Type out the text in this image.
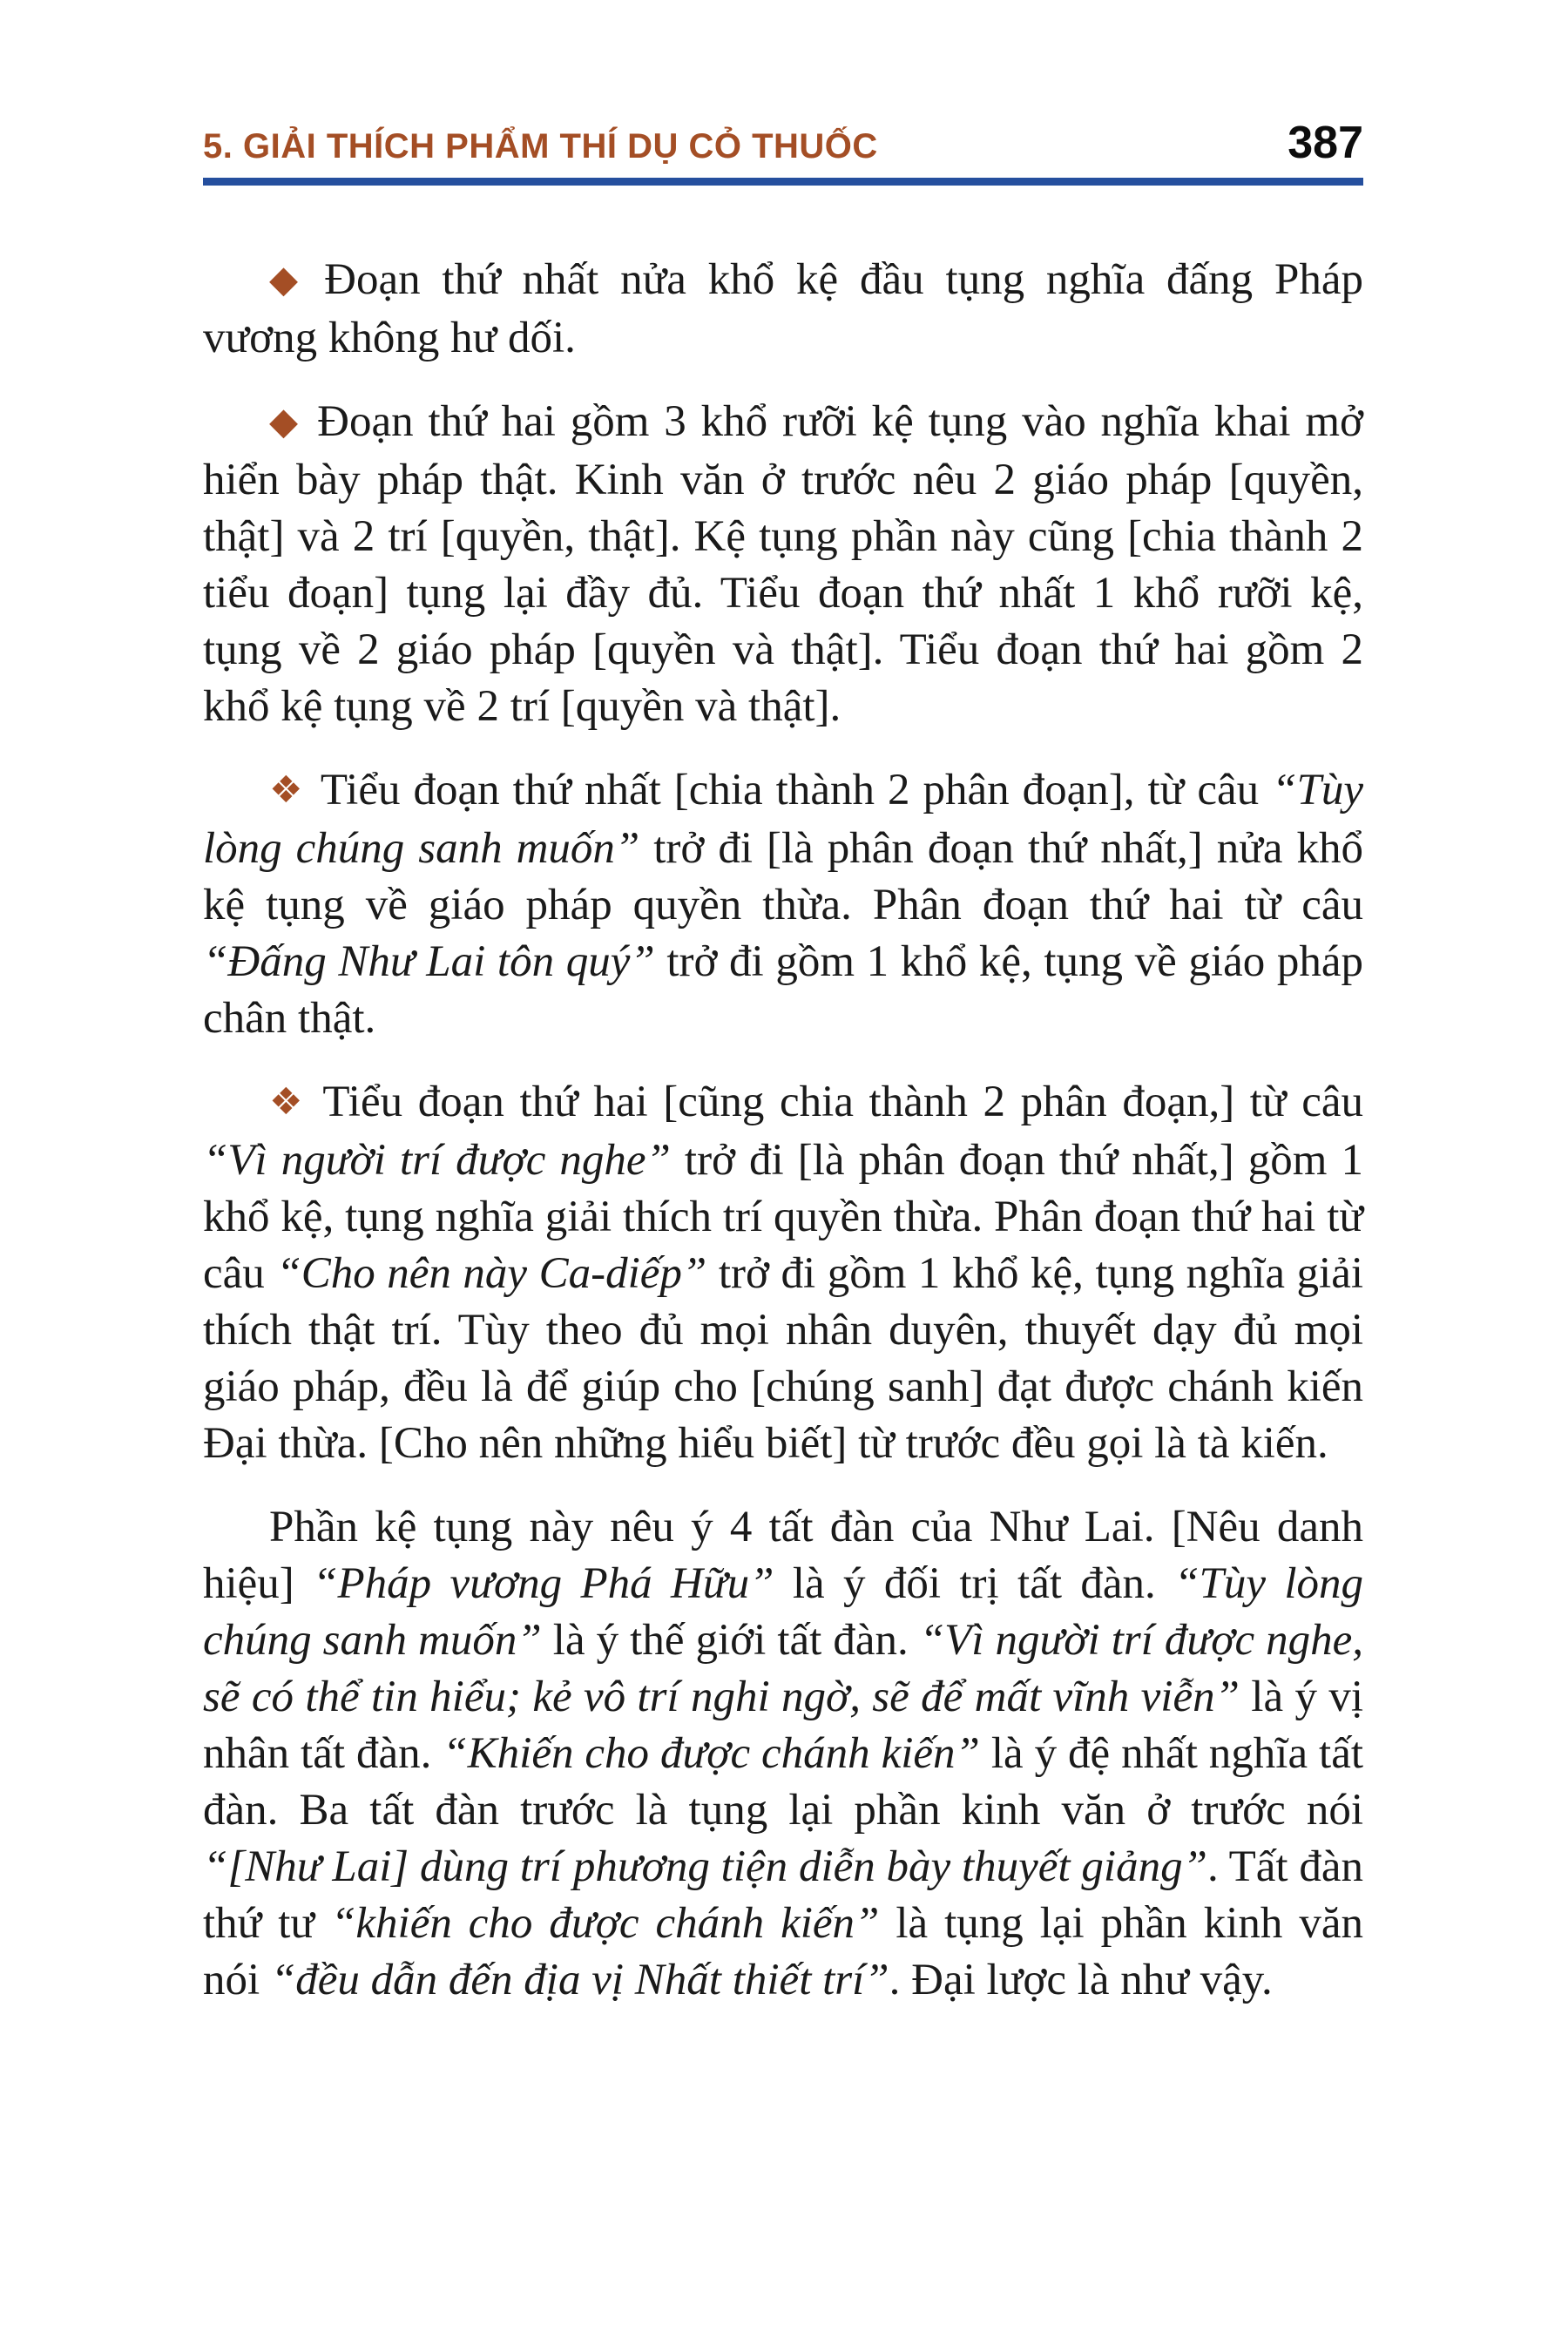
5. GIẢI THÍCH PHẨM THÍ DỤ CỎ THUỐC	387

◆ Đoạn thứ nhất nửa khổ kệ đầu tụng nghĩa đấng Pháp vương không hư dối.

◆ Đoạn thứ hai gồm 3 khổ rưỡi kệ tụng vào nghĩa khai mở hiển bày pháp thật. Kinh văn ở trước nêu 2 giáo pháp [quyền, thật] và 2 trí [quyền, thật]. Kệ tụng phần này cũng [chia thành 2 tiểu đoạn] tụng lại đầy đủ. Tiểu đoạn thứ nhất 1 khổ rưỡi kệ, tụng về 2 giáo pháp [quyền và thật]. Tiểu đoạn thứ hai gồm 2 khổ kệ tụng về 2 trí [quyền và thật].

❖ Tiểu đoạn thứ nhất [chia thành 2 phân đoạn], từ câu “Tùy lòng chúng sanh muốn” trở đi [là phân đoạn thứ nhất,] nửa khổ kệ tụng về giáo pháp quyền thừa. Phân đoạn thứ hai từ câu “Đấng Như Lai tôn quý” trở đi gồm 1 khổ kệ, tụng về giáo pháp chân thật.

❖ Tiểu đoạn thứ hai [cũng chia thành 2 phân đoạn,] từ câu “Vì người trí được nghe” trở đi [là phân đoạn thứ nhất,] gồm 1 khổ kệ, tụng nghĩa giải thích trí quyền thừa. Phân đoạn thứ hai từ câu “Cho nên này Ca-diếp” trở đi gồm 1 khổ kệ, tụng nghĩa giải thích thật trí. Tùy theo đủ mọi nhân duyên, thuyết dạy đủ mọi giáo pháp, đều là để giúp cho [chúng sanh] đạt được chánh kiến Đại thừa. [Cho nên những hiểu biết] từ trước đều gọi là tà kiến.

Phần kệ tụng này nêu ý 4 tất đàn của Như Lai. [Nêu danh hiệu] “Pháp vương Phá Hữu” là ý đối trị tất đàn. “Tùy lòng chúng sanh muốn” là ý thế giới tất đàn. “Vì người trí được nghe, sẽ có thể tin hiểu; kẻ vô trí nghi ngờ, sẽ để mất vĩnh viễn” là ý vị nhân tất đàn. “Khiến cho được chánh kiến” là ý đệ nhất nghĩa tất đàn. Ba tất đàn trước là tụng lại phần kinh văn ở trước nói “[Như Lai] dùng trí phương tiện diễn bày thuyết giảng”. Tất đàn thứ tư “khiến cho được chánh kiến” là tụng lại phần kinh văn nói “đều dẫn đến địa vị Nhất thiết trí”. Đại lược là như vậy.
